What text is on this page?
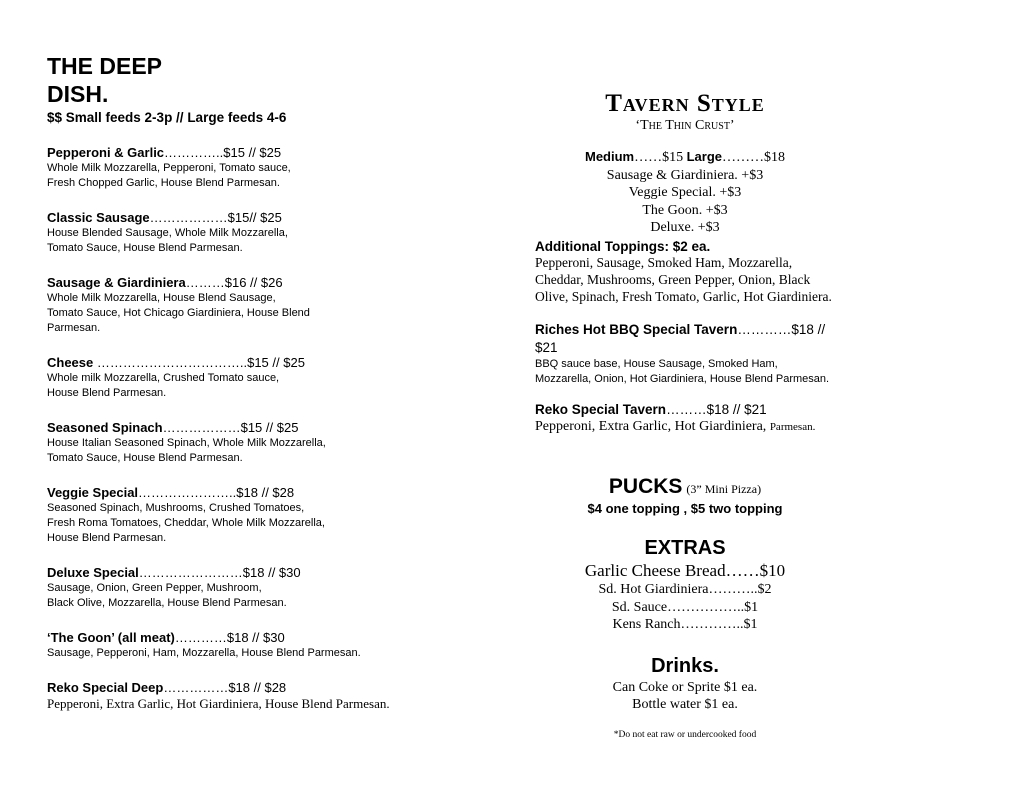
THE DEEP DISH.
$$ Small feeds 2-3p // Large feeds 4-6
Pepperoni & Garlic…………..$15 // $25
Whole Milk Mozzarella, Pepperoni, Tomato sauce,
Fresh Chopped Garlic, House Blend Parmesan.
Classic Sausage………………$15// $25
House Blended Sausage, Whole Milk Mozzarella,
Tomato Sauce, House Blend Parmesan.
Sausage & Giardiniera………$16 // $26
Whole Milk Mozzarella, House Blend Sausage,
Tomato Sauce, Hot Chicago Giardiniera, House Blend
Parmesan.
Cheese ……………………………..$15 // $25
Whole milk Mozzarella, Crushed Tomato sauce,
House Blend Parmesan.
Seasoned Spinach………………$15 // $25
House Italian Seasoned Spinach, Whole Milk Mozzarella,
Tomato Sauce, House Blend Parmesan.
Veggie Special…………………..$18 // $28
Seasoned Spinach, Mushrooms, Crushed Tomatoes,
Fresh Roma Tomatoes, Cheddar, Whole Milk Mozzarella,
House Blend Parmesan.
Deluxe Special……………………$18 // $30
Sausage, Onion, Green Pepper, Mushroom,
Black Olive, Mozzarella, House Blend Parmesan.
‘The Goon’ (all meat)…………$18 // $30
Sausage, Pepperoni, Ham, Mozzarella, House Blend Parmesan.
Reko Special Deep……………$18 // $28
Pepperoni, Extra Garlic, Hot Giardiniera, House Blend Parmesan.
Tavern Style
‘The Thin Crust’
Medium……$15 Large………$18
Sausage & Giardiniera. +$3
Veggie Special. +$3
The Goon. +$3
Deluxe. +$3
Additional Toppings: $2 ea.
Pepperoni, Sausage, Smoked Ham, Mozzarella, Cheddar, Mushrooms, Green Pepper, Onion, Black Olive, Spinach, Fresh Tomato, Garlic, Hot Giardiniera.
Riches Hot BBQ Special Tavern…………$18 // $21
BBQ sauce base, House Sausage, Smoked Ham, Mozzarella, Onion, Hot Giardiniera, House Blend Parmesan.
Reko Special Tavern………$18 // $21
Pepperoni, Extra Garlic, Hot Giardiniera, Parmesan.
PUCKS (3” Mini Pizza)
$4 one topping , $5 two topping
EXTRAS
Garlic Cheese Bread……$10
Sd. Hot Giardiniera………..$2
Sd. Sauce……………..$1
Kens Ranch…………..$1
Drinks.
Can Coke or Sprite $1 ea.
Bottle water $1 ea.
*Do not eat raw or undercooked food
